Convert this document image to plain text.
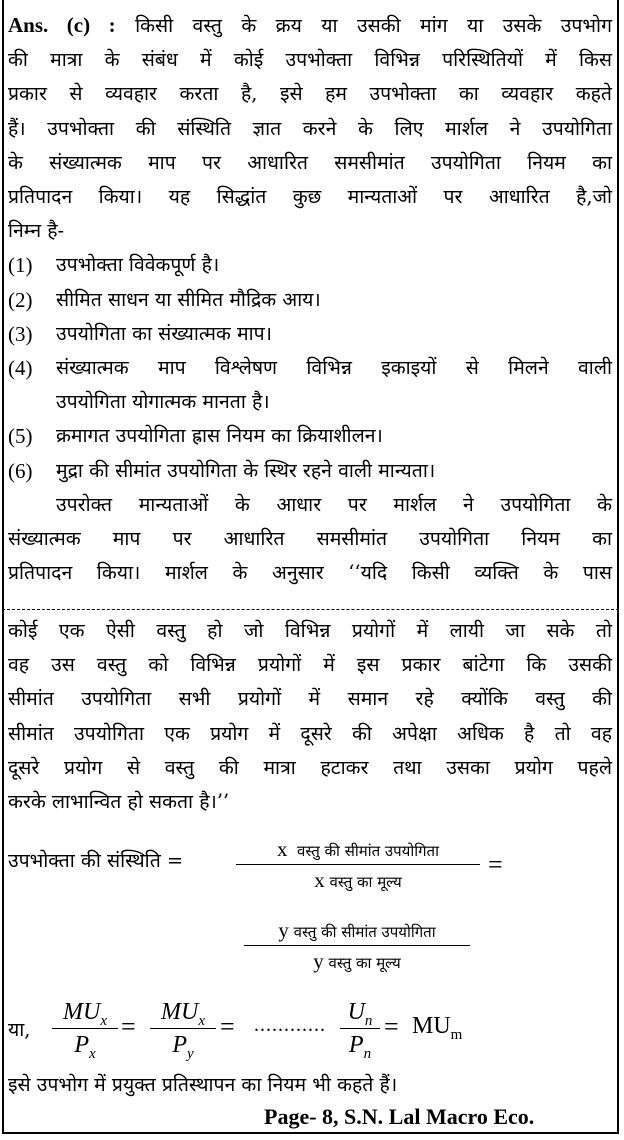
Ans. (c) : किसी वस्तु के क्रय या उसकी मांग या उसके उपभोग
की मात्रा के संबंध में कोई उपभोक्ता विभिन्न परिस्थितियों में किस
प्रकार से व्यवहार करता है, इसे हम उपभोक्ता का व्यवहार कहते
हैं। उपभोक्ता की संस्थिति ज्ञात करने के लिए मार्शल ने उपयोगिता
के संख्यात्मक माप पर आधारित समसीमांत उपयोगिता नियम का
प्रतिपादन किया। यह सिद्धांत कुछ मान्यताओं पर आधारित है,जो
निम्न है-
(1)	उपभोक्ता विवेकपूर्ण है।
(2)	सीमित साधन या सीमित मौद्रिक आय।
(3)	उपयोगिता का संख्यात्मक माप।
(4)	संख्यात्मक माप विश्लेषण विभिन्न इकाइयों से मिलने वाली
उपयोगिता योगात्मक मानता है।
(5)	क्रमागत उपयोगिता ह्रास नियम का क्रियाशीलन।
(6)	मुद्रा की सीमांत उपयोगिता के स्थिर रहने वाली मान्यता।
उपरोक्त मान्यताओं के आधार पर मार्शल ने उपयोगिता के
संख्यात्मक माप पर आधारित समसीमांत उपयोगिता नियम का
प्रतिपादन किया। मार्शल के अनुसार ‘‘यदि किसी व्यक्ति के पास
कोई एक ऐसी वस्तु हो जो विभिन्न प्रयोगों में लायी जा सके तो
वह उस वस्तु को विभिन्न प्रयोगों में इस प्रकार बांटेगा कि उसकी
सीमांत उपयोगिता सभी प्रयोगों में समान रहे क्योंकि वस्तु की
सीमांत उपयोगिता एक प्रयोग में दूसरे की अपेक्षा अधिक है तो वह
दूसरे प्रयोग से वस्तु की मात्रा हटाकर तथा उसका प्रयोग पहले
करके लाभान्वित हो सकता है।’’
उपभोक्ता की संस्थिति =	x वस्तु की सीमांत उपयोगिता
x वस्तु का मूल्य
=
y वस्तु की सीमांत उपयोगिता
y वस्तु का मूल्य
या,
$MU_x$
$P_x$
=	$MU_x$
$P_y$
= ............ $U_n$
$P_n$
= $MU_m$
इसे उपभोग में प्रयुक्त प्रतिस्थापन का नियम भी कहते हैं।
Page- 8, S.N. Lal Macro Eco.
